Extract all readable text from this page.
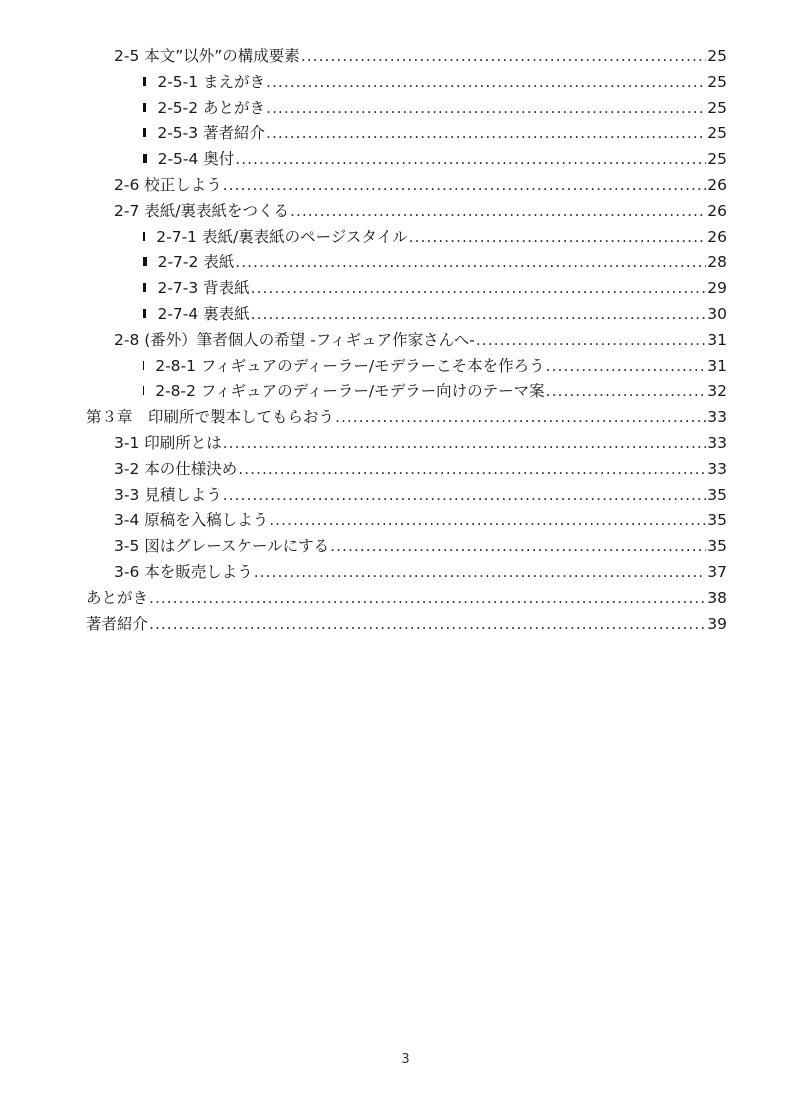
2-5 本文”以外”の構成要素 .....	25
2-5-1 まえがき .....	25
2-5-2 あとがき .....	25
2-5-3 著者紹介 .....	25
2-5-4 奥付 .....	25
2-6 校正しよう .....	26
2-7 表紙/裏表紙をつくる .....	26
2-7-1 表紙/裏表紙のページスタイル .....	26
2-7-2 表紙 .....	28
2-7-3 背表紙 .....	29
2-7-4 裏表紙 .....	30
2-8 (番外）筆者個人の希望 -フィギュア作家さんへ- .....	31
2-8-1 フィギュアのディーラー/モデラーこそ本を作ろう .....	31
2-8-2 フィギュアのディーラー/モデラー向けのテーマ案 .....	32
第３章　印刷所で製本してもらおう .....	33
3-1 印刷所とは .....	33
3-2 本の仕様決め .....	33
3-3 見積しよう .....	35
3-4 原稿を入稿しよう .....	35
3-5 図はグレースケールにする .....	35
3-6 本を販売しよう .....	37
あとがき .....	38
著者紹介 .....	39
3
